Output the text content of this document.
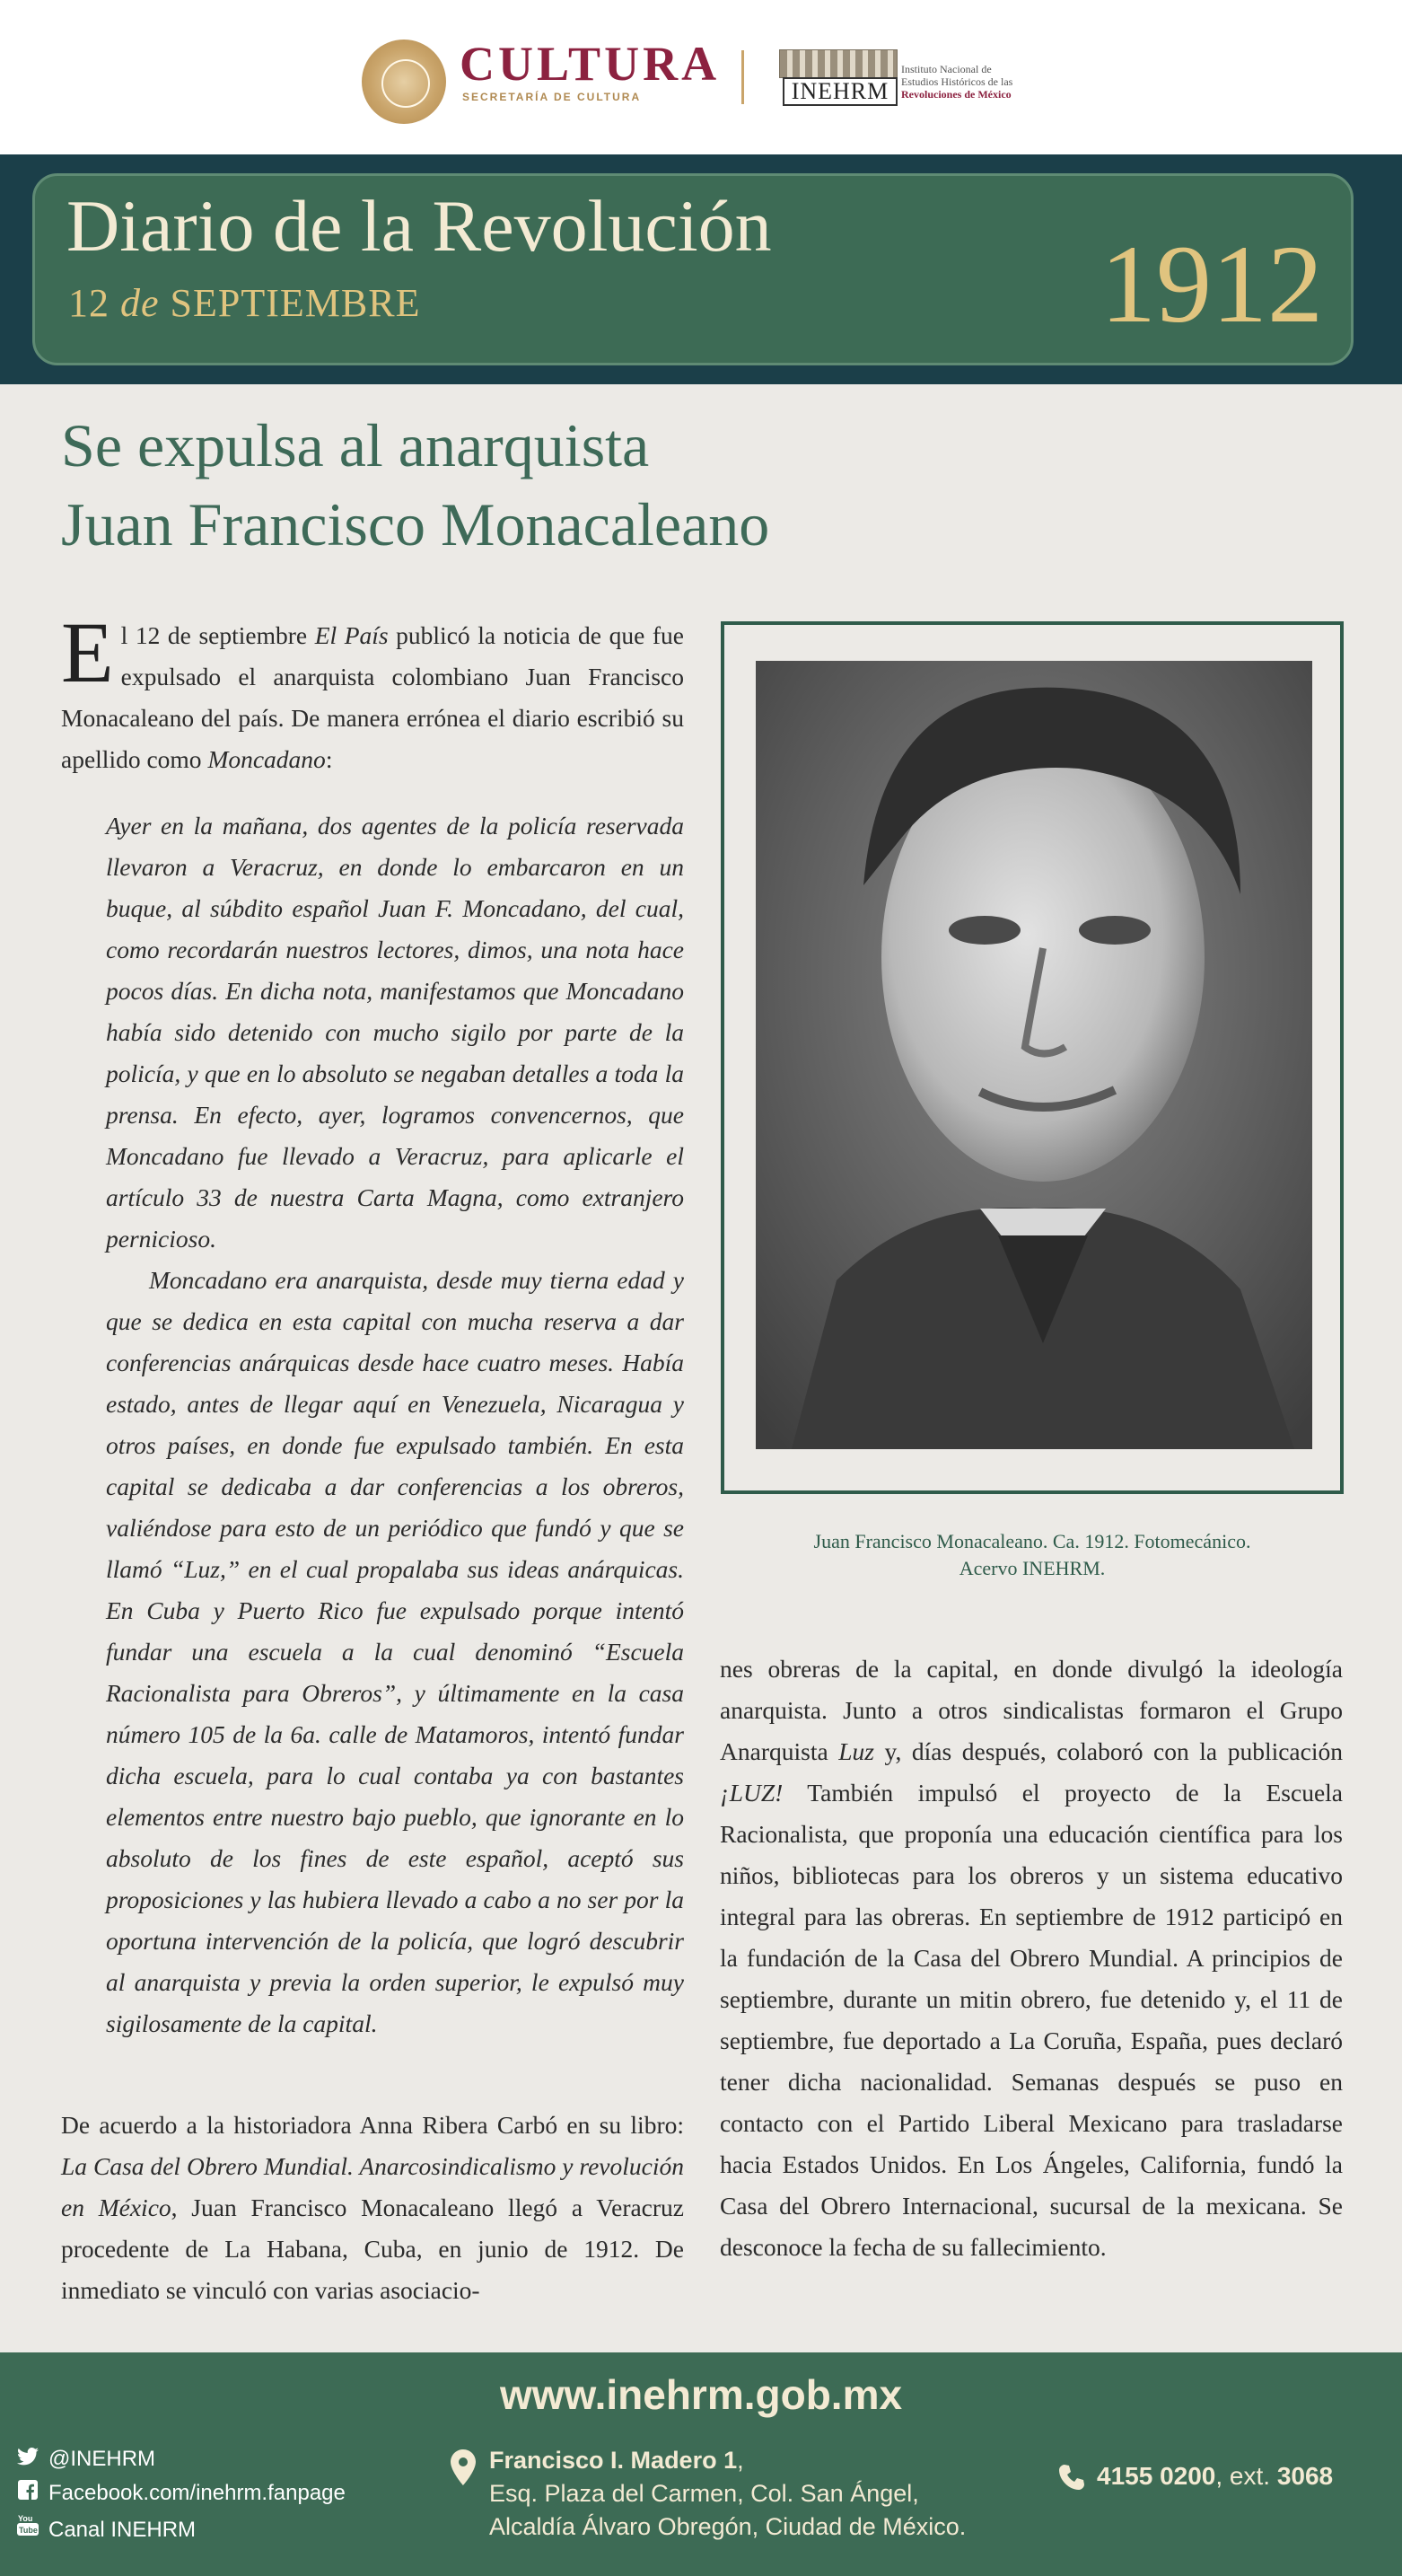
CULTURA
SECRETARÍA DE CULTURA	INEHRM
Instituto Nacional de
Estudios Históricos de las
Revoluciones de México
Diario de la Revolución
12 de SEPTIEMBRE	1912
Se expulsa al anarquista
Juan Francisco Monacaleano
El 12 de septiembre El País publicó la noticia de que fue expulsado el anarquista colombiano Juan Francisco Monacaleano del país. De manera errónea el diario escribió su apellido como Moncadano:

Ayer en la mañana, dos agentes de la policía reservada llevaron a Veracruz, en donde lo embarcaron en un buque, al súbdito español Juan F. Moncadano, del cual, como recordarán nuestros lectores, dimos, una nota hace pocos días. En dicha nota, manifestamos que Moncadano había sido detenido con mucho sigilo por parte de la policía, y que en lo absoluto se negaban detalles a toda la prensa. En efecto, ayer, logramos convencernos, que Moncadano fue llevado a Veracruz, para aplicarle el artículo 33 de nuestra Carta Magna, como extranjero pernicioso.

Moncadano era anarquista, desde muy tierna edad y que se dedica en esta capital con mucha reserva a dar conferencias anárquicas desde hace cuatro meses. Había estado, antes de llegar aquí en Venezuela, Nicaragua y otros países, en donde fue expulsado también. En esta capital se dedicaba a dar conferencias a los obreros, valiéndose para esto de un periódico que fundó y que se llamó “Luz,” en el cual propalaba sus ideas anárquicas. En Cuba y Puerto Rico fue expulsado porque intentó fundar una escuela a la cual denominó “Escuela Racionalista para Obreros”, y últimamente en la casa número 105 de la 6a. calle de Matamoros, intentó fundar dicha escuela, para lo cual contaba ya con bastantes elementos entre nuestro bajo pueblo, que ignorante en lo absoluto de los fines de este español, aceptó sus proposiciones y las hubiera llevado a cabo a no ser por la oportuna intervención de la policía, que logró descubrir al anarquista y previa la orden superior, le expulsó muy sigilosamente de la capital.

De acuerdo a la historiadora Anna Ribera Carbó en su libro: La Casa del Obrero Mundial. Anarcosindicalismo y revolución en México, Juan Francisco Monacaleano llegó a Veracruz procedente de La Habana, Cuba, en junio de 1912. De inmediato se vinculó con varias asociacio-
Juan Francisco Monacaleano. Ca. 1912. Fotomecánico.
Acervo INEHRM.
nes obreras de la capital, en donde divulgó la ideología anarquista. Junto a otros sindicalistas formaron el Grupo Anarquista Luz y, días después, colaboró con la publicación ¡LUZ! También impulsó el proyecto de la Escuela Racionalista, que proponía una educación científica para los niños, bibliotecas para los obreros y un sistema educativo integral para las obreras. En septiembre de 1912 participó en la fundación de la Casa del Obrero Mundial. A principios de septiembre, durante un mitin obrero, fue detenido y, el 11 de septiembre, fue deportado a La Coruña, España, pues declaró tener dicha nacionalidad. Semanas después se puso en contacto con el Partido Liberal Mexicano para trasladarse hacia Estados Unidos. En Los Ángeles, California, fundó la Casa del Obrero Internacional, sucursal de la mexicana. Se desconoce la fecha de su fallecimiento.
www.inehrm.gob.mx
@INEHRM
Facebook.com/inehrm.fanpage
You
Tube Canal INEHRM
Francisco I. Madero 1,
Esq. Plaza del Carmen, Col. San Ángel,
Alcaldía Álvaro Obregón, Ciudad de México.
4155 0200, ext. 3068
